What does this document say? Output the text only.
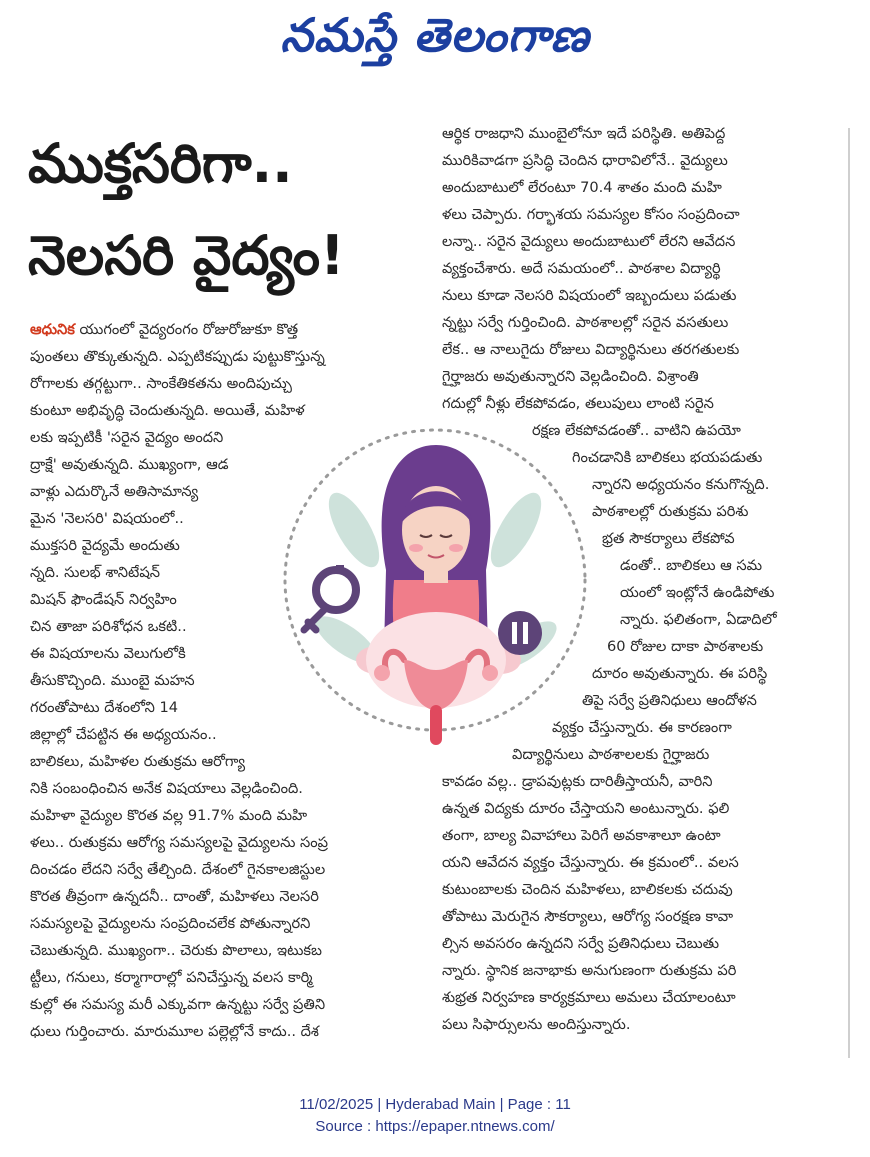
నమస్తే తెలంగాణ
ముక్తసరిగా..
నెలసరి వైద్యం!
ఆధునిక యుగంలో వైద్యరంగం రోజురోజుకూ కొత్త
పుంతలు తొక్కుతున్నది. ఎప్పటికప్పుడు పుట్టుకొస్తున్న
రోగాలకు తగ్గట్టుగా.. సాంకేతికతను అందిపుచ్చు
కుంటూ అభివృద్ధి చెందుతున్నది. అయితే, మహిళ
లకు ఇప్పటికీ 'సరైన వైద్యం అందని
ద్రాక్షే' అవుతున్నది. ముఖ్యంగా, ఆడ
వాళ్లు ఎదుర్కొనే అతిసామాన్య
మైన 'నెలసరి' విషయంలో..
ముక్తసరి వైద్యమే అందుతు
న్నది. సులభ్ శానిటేషన్
మిషన్ ఫౌండేషన్ నిర్వహిం
చిన తాజా పరిశోధన ఒకటి..
ఈ విషయాలను వెలుగులోకి
తీసుకొచ్చింది. ముంబై మహన
గరంతోపాటు దేశంలోని 14
జిల్లాల్లో చేపట్టిన ఈ అధ్యయనం..
బాలికలు, మహిళల రుతుక్రమ ఆరోగ్యా
నికి సంబంధించిన అనేక విషయాలు వెల్లడించింది.
మహిళా వైద్యుల కొరత వల్ల 91.7% మంది మహి
ళలు.. రుతుక్రమ ఆరోగ్య సమస్యలపై వైద్యులను సంప్ర
దించడం లేదని సర్వే తేల్చింది. దేశంలో గైనకాలజిస్టుల
కొరత తీవ్రంగా ఉన్నదనీ.. దాంతో, మహిళలు నెలసరి
సమస్యలపై వైద్యులను సంప్రదించలేక పోతున్నారని
చెబుతున్నది. ముఖ్యంగా.. చెరుకు పొలాలు, ఇటుకబ
ట్టీలు, గనులు, కర్మాగారాల్లో పనిచేస్తున్న వలస కార్మి
కుల్లో ఈ సమస్య మరీ ఎక్కువగా ఉన్నట్టు సర్వే ప్రతిని
ధులు గుర్తించారు. మారుమూల పల్లెల్లోనే కాదు.. దేశ
ఆర్థిక రాజధాని ముంబైలోనూ ఇదే పరిస్థితి. అతిపెద్ద
మురికివాడగా ప్రసిద్ధి చెందిన ధారావిలోనే.. వైద్యులు
అందుబాటులో లేరంటూ 70.4 శాతం మంది మహి
ళలు చెప్పారు. గర్భాశయ సమస్యల కోసం సంప్రదించా
లన్నా.. సరైన వైద్యులు అందుబాటులో లేరని ఆవేదన
వ్యక్తంచేశారు. అదే సమయంలో.. పాఠశాల విద్యార్థి
నులు కూడా నెలసరి విషయంలో ఇబ్బందులు పడుతు
న్నట్టు సర్వే గుర్తించింది. పాఠశాలల్లో సరైన వసతులు
లేక.. ఆ నాలుగైదు రోజులు విద్యార్థినులు తరగతులకు
గైర్హాజరు అవుతున్నారని వెల్లడించింది. విశ్రాంతి
గదుల్లో నీళ్లు లేకపోవడం, తలుపులు లాంటి సరైన
రక్షణ లేకపోవడంతో.. వాటిని ఉపయో
గించడానికి బాలికలు భయపడుతు
న్నారని అధ్యయనం కనుగొన్నది.
పాఠశాలల్లో రుతుక్రమ పరిశు
భ్రత సౌకర్యాలు లేకపోవ
డంతో.. బాలికలు ఆ సమ
యంలో ఇంట్లోనే ఉండిపోతు
న్నారు. ఫలితంగా, ఏడాదిలో
60 రోజుల దాకా పాఠశాలకు
దూరం అవుతున్నారు. ఈ పరిస్థి
తిపై సర్వే ప్రతినిధులు ఆందోళన
వ్యక్తం చేస్తున్నారు. ఈ కారణంగా
విద్యార్థినులు పాఠశాలలకు గైర్హాజరు
కావడం వల్ల.. డ్రాపవుట్లకు దారితీస్తాయనీ, వారిని
ఉన్నత విద్యకు దూరం చేస్తాయని అంటున్నారు. ఫలి
తంగా, బాల్య వివాహాలు పెరిగే అవకాశాలూ ఉంటా
యని ఆవేదన వ్యక్తం చేస్తున్నారు. ఈ క్రమంలో.. వలస
కుటుంబాలకు చెందిన మహిళలు, బాలికలకు చదువు
తోపాటు మెరుగైన సౌకర్యాలు, ఆరోగ్య సంరక్షణ కావా
ల్సిన అవసరం ఉన్నదని సర్వే ప్రతినిధులు చెబుతు
న్నారు. స్థానిక జనాభాకు అనుగుణంగా రుతుక్రమ పరి
శుభ్రత నిర్వహణ కార్యక్రమాలు అమలు చేయాలంటూ
పలు సిఫార్సులను అందిస్తున్నారు.
11/02/2025 | Hyderabad Main | Page : 11
Source : https://epaper.ntnews.com/
